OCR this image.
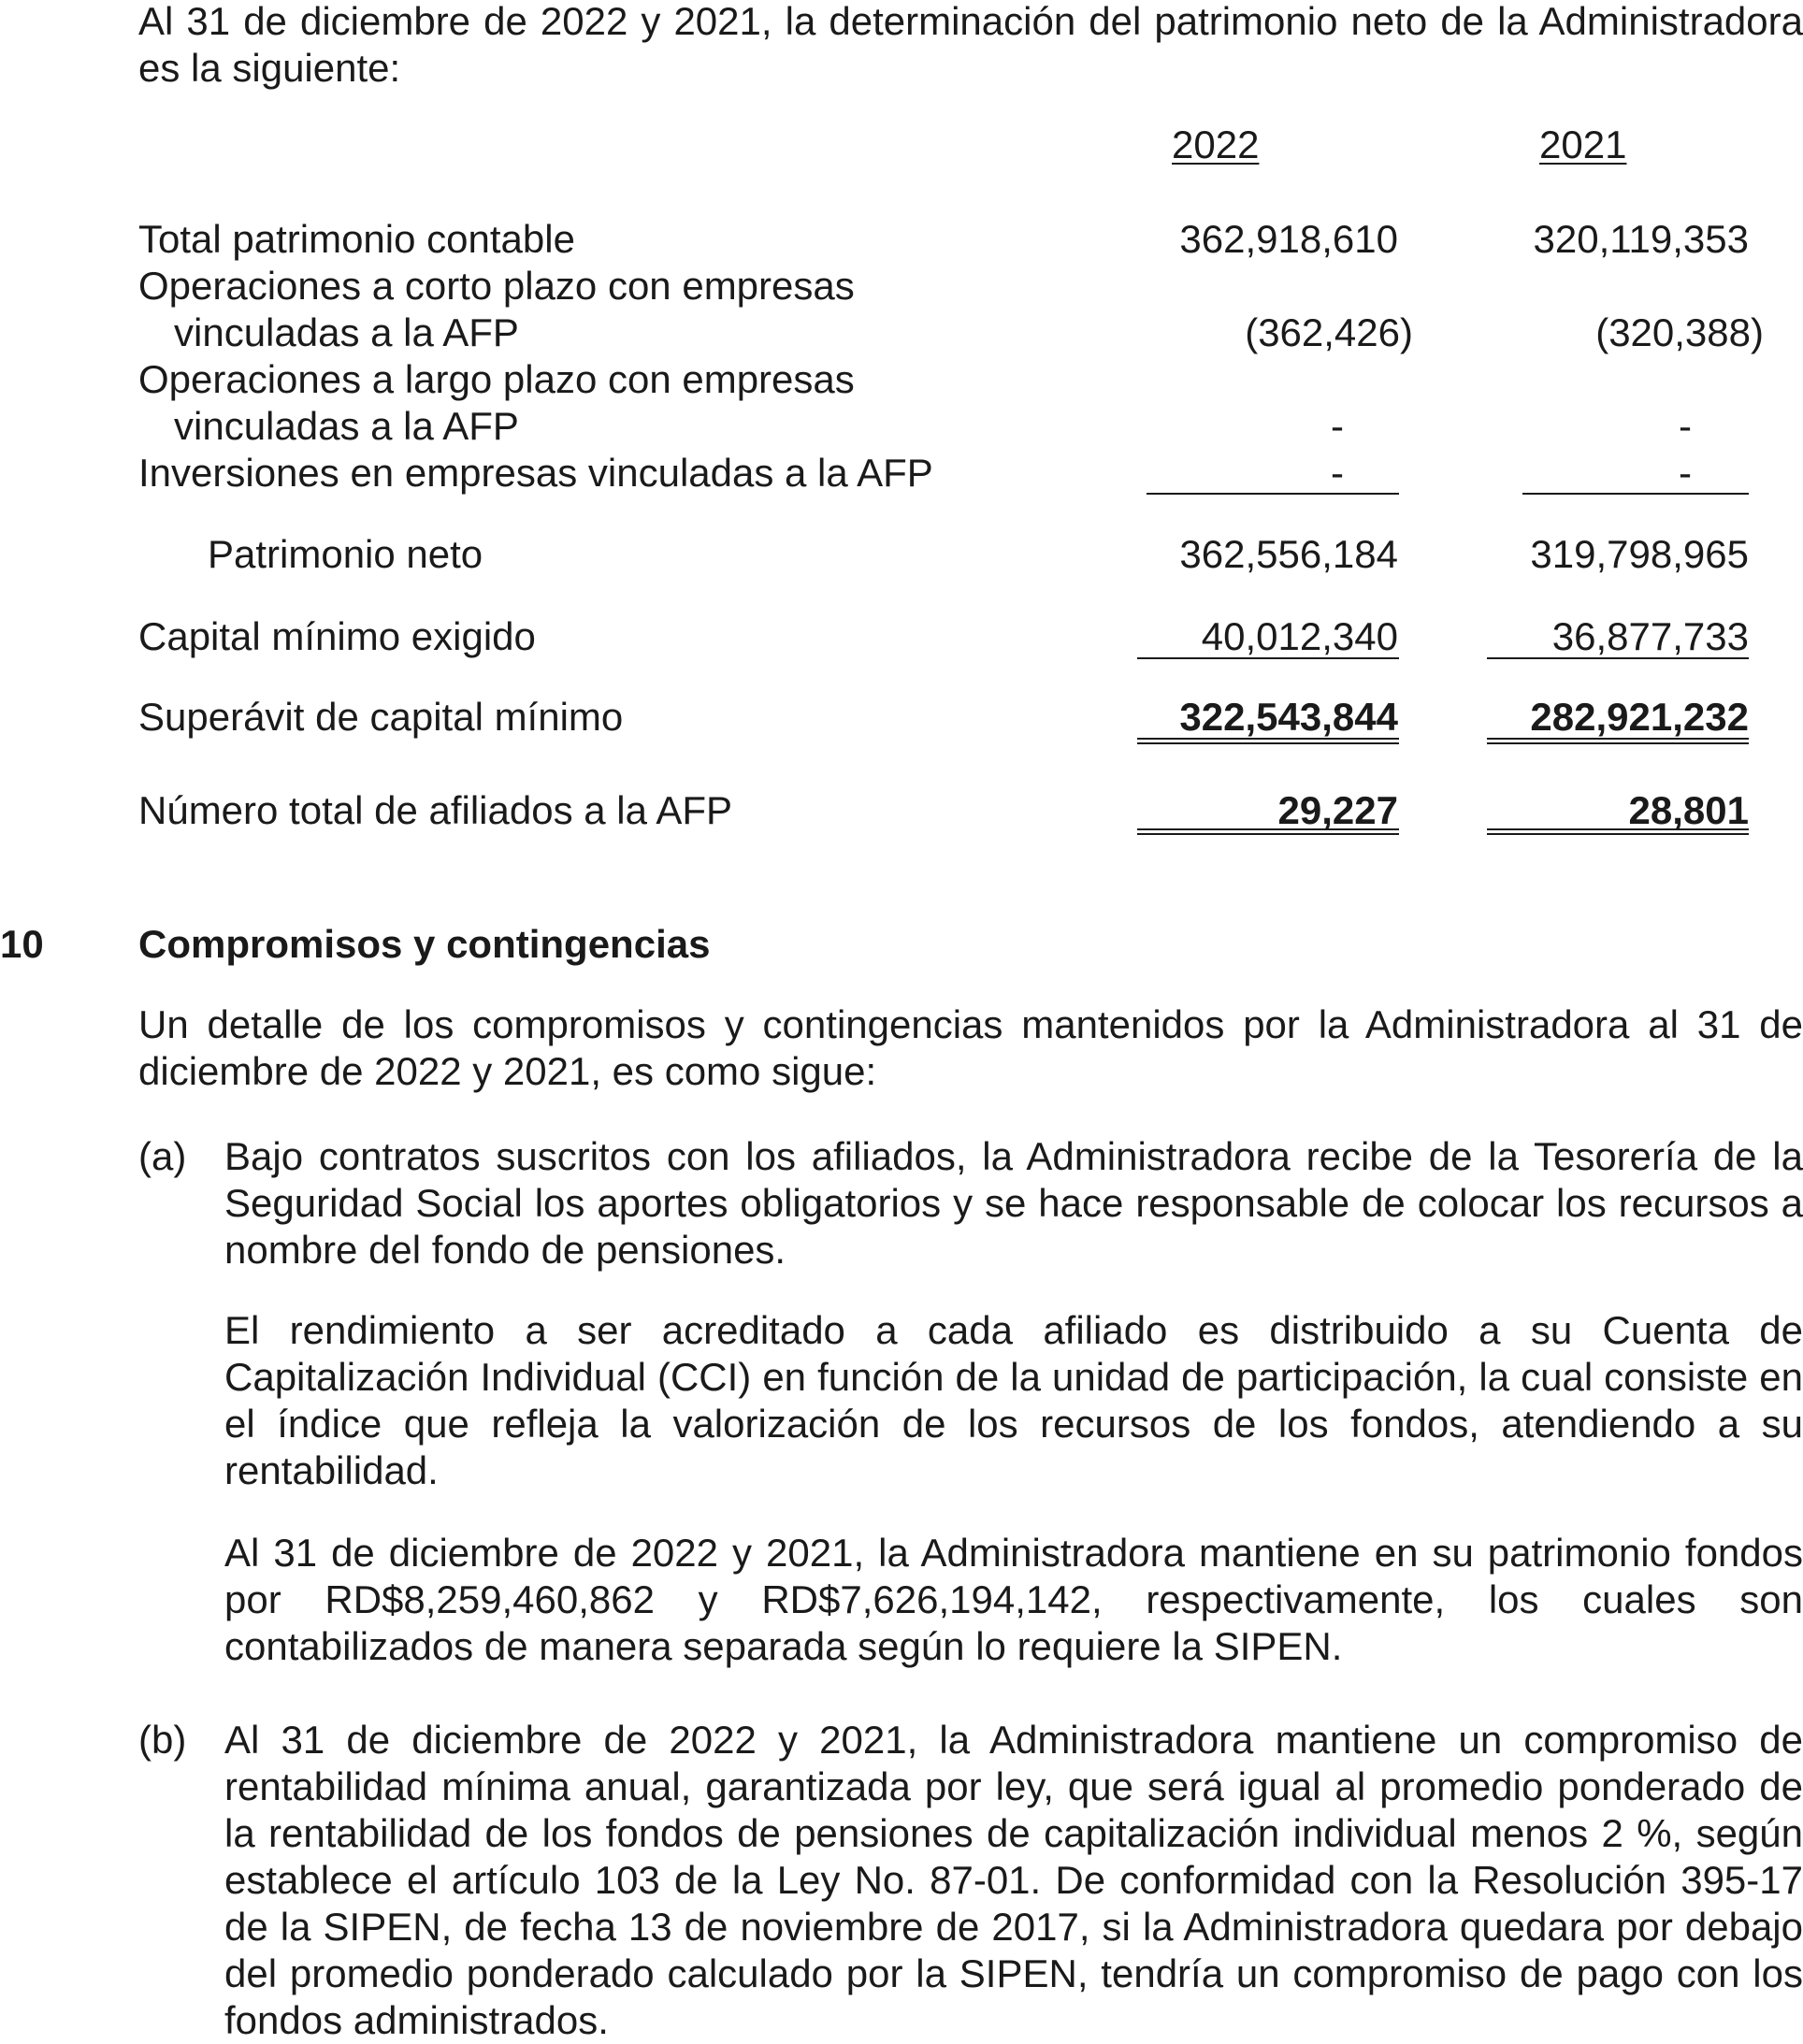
Al 31 de diciembre de 2022 y 2021, la determinación del patrimonio neto de la Administradora es la siguiente:
2022	2021
Total patrimonio contable	362,918,610	320,119,353
Operaciones a corto plazo con empresas
vinculadas a la AFP	(362,426)	(320,388)
Operaciones a largo plazo con empresas
vinculadas a la AFP	-	-
Inversiones en empresas vinculadas a la AFP	-	-
Patrimonio neto	362,556,184	319,798,965
Capital mínimo exigido	40,012,340	36,877,733
Superávit de capital mínimo	322,543,844	282,921,232
Número total de afiliados a la AFP	29,227	28,801
10 Compromisos y contingencias
Un detalle de los compromisos y contingencias mantenidos por la Administradora al 31 de diciembre de 2022 y 2021, es como sigue:
(a) Bajo contratos suscritos con los afiliados, la Administradora recibe de la Tesorería de la Seguridad Social los aportes obligatorios y se hace responsable de colocar los recursos a nombre del fondo de pensiones.
El rendimiento a ser acreditado a cada afiliado es distribuido a su Cuenta de Capitalización Individual (CCI) en función de la unidad de participación, la cual consiste en el índice que refleja la valorización de los recursos de los fondos, atendiendo a su rentabilidad.
Al 31 de diciembre de 2022 y 2021, la Administradora mantiene en su patrimonio fondos por RD$8,259,460,862 y RD$7,626,194,142, respectivamente, los cuales son contabilizados de manera separada según lo requiere la SIPEN.
(b) Al 31 de diciembre de 2022 y 2021, la Administradora mantiene un compromiso de rentabilidad mínima anual, garantizada por ley, que será igual al promedio ponderado de la rentabilidad de los fondos de pensiones de capitalización individual menos 2 %, según establece el artículo 103 de la Ley No. 87-01. De conformidad con la Resolución 395-17 de la SIPEN, de fecha 13 de noviembre de 2017, si la Administradora quedara por debajo del promedio ponderado calculado por la SIPEN, tendría un compromiso de pago con los fondos administrados.
